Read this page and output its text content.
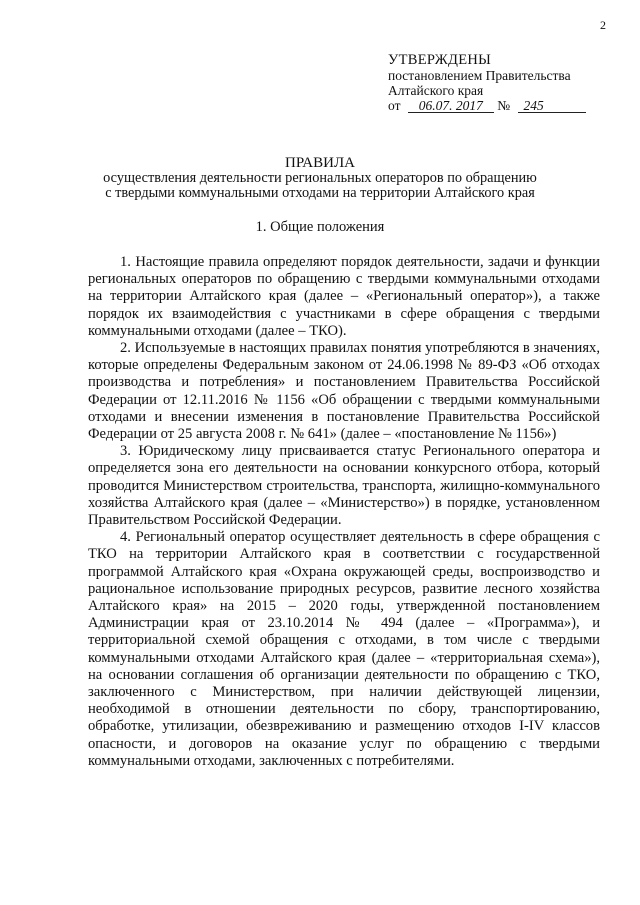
2
УТВЕРЖДЕНЫ
постановлением Правительства
Алтайского края
от 06.07. 2017 № 245
ПРАВИЛА
осуществления деятельности региональных операторов по обращению с твердыми коммунальными отходами на территории Алтайского края
1. Общие положения

1. Настоящие правила определяют порядок деятельности, задачи и функции региональных операторов по обращению с твердыми коммунальными отходами на территории Алтайского края (далее – «Региональный оператор»), а также порядок их взаимодействия с участниками в сфере обращения с твердыми коммунальными отходами (далее – ТКО).

2. Используемые в настоящих правилах понятия употребляются в значениях, которые определены Федеральным законом от 24.06.1998 № 89-ФЗ «Об отходах производства и потребления» и постановлением Правительства Российской Федерации от 12.11.2016 № 1156 «Об обращении с твердыми коммунальными отходами и внесении изменения в постановление Правительства Российской Федерации от 25 августа 2008 г. № 641» (далее – «постановление № 1156»)

3. Юридическому лицу присваивается статус Регионального оператора и определяется зона его деятельности на основании конкурсного отбора, который проводится Министерством строительства, транспорта, жилищно-коммунального хозяйства Алтайского края (далее – «Министерство») в порядке, установленном Правительством Российской Федерации.

4. Региональный оператор осуществляет деятельность в сфере обращения с ТКО на территории Алтайского края в соответствии с государственной программой Алтайского края «Охрана окружающей среды, воспроизводство и рациональное использование природных ресурсов, развитие лесного хозяйства Алтайского края» на 2015 – 2020 годы, утвержденной постановлением Администрации края от 23.10.2014 № 494 (далее – «Программа»), и территориальной схемой обращения с отходами, в том числе с твердыми коммунальными отходами Алтайского края (далее – «территориальная схема»), на основании соглашения об организации деятельности по обращению с ТКО, заключенного с Министерством, при наличии действующей лицензии, необходимой в отношении деятельности по сбору, транспортированию, обработке, утилизации, обезвреживанию и размещению отходов I-IV классов опасности, и договоров на оказание услуг по обращению с твердыми коммунальными отходами, заключенных с потребителями.
